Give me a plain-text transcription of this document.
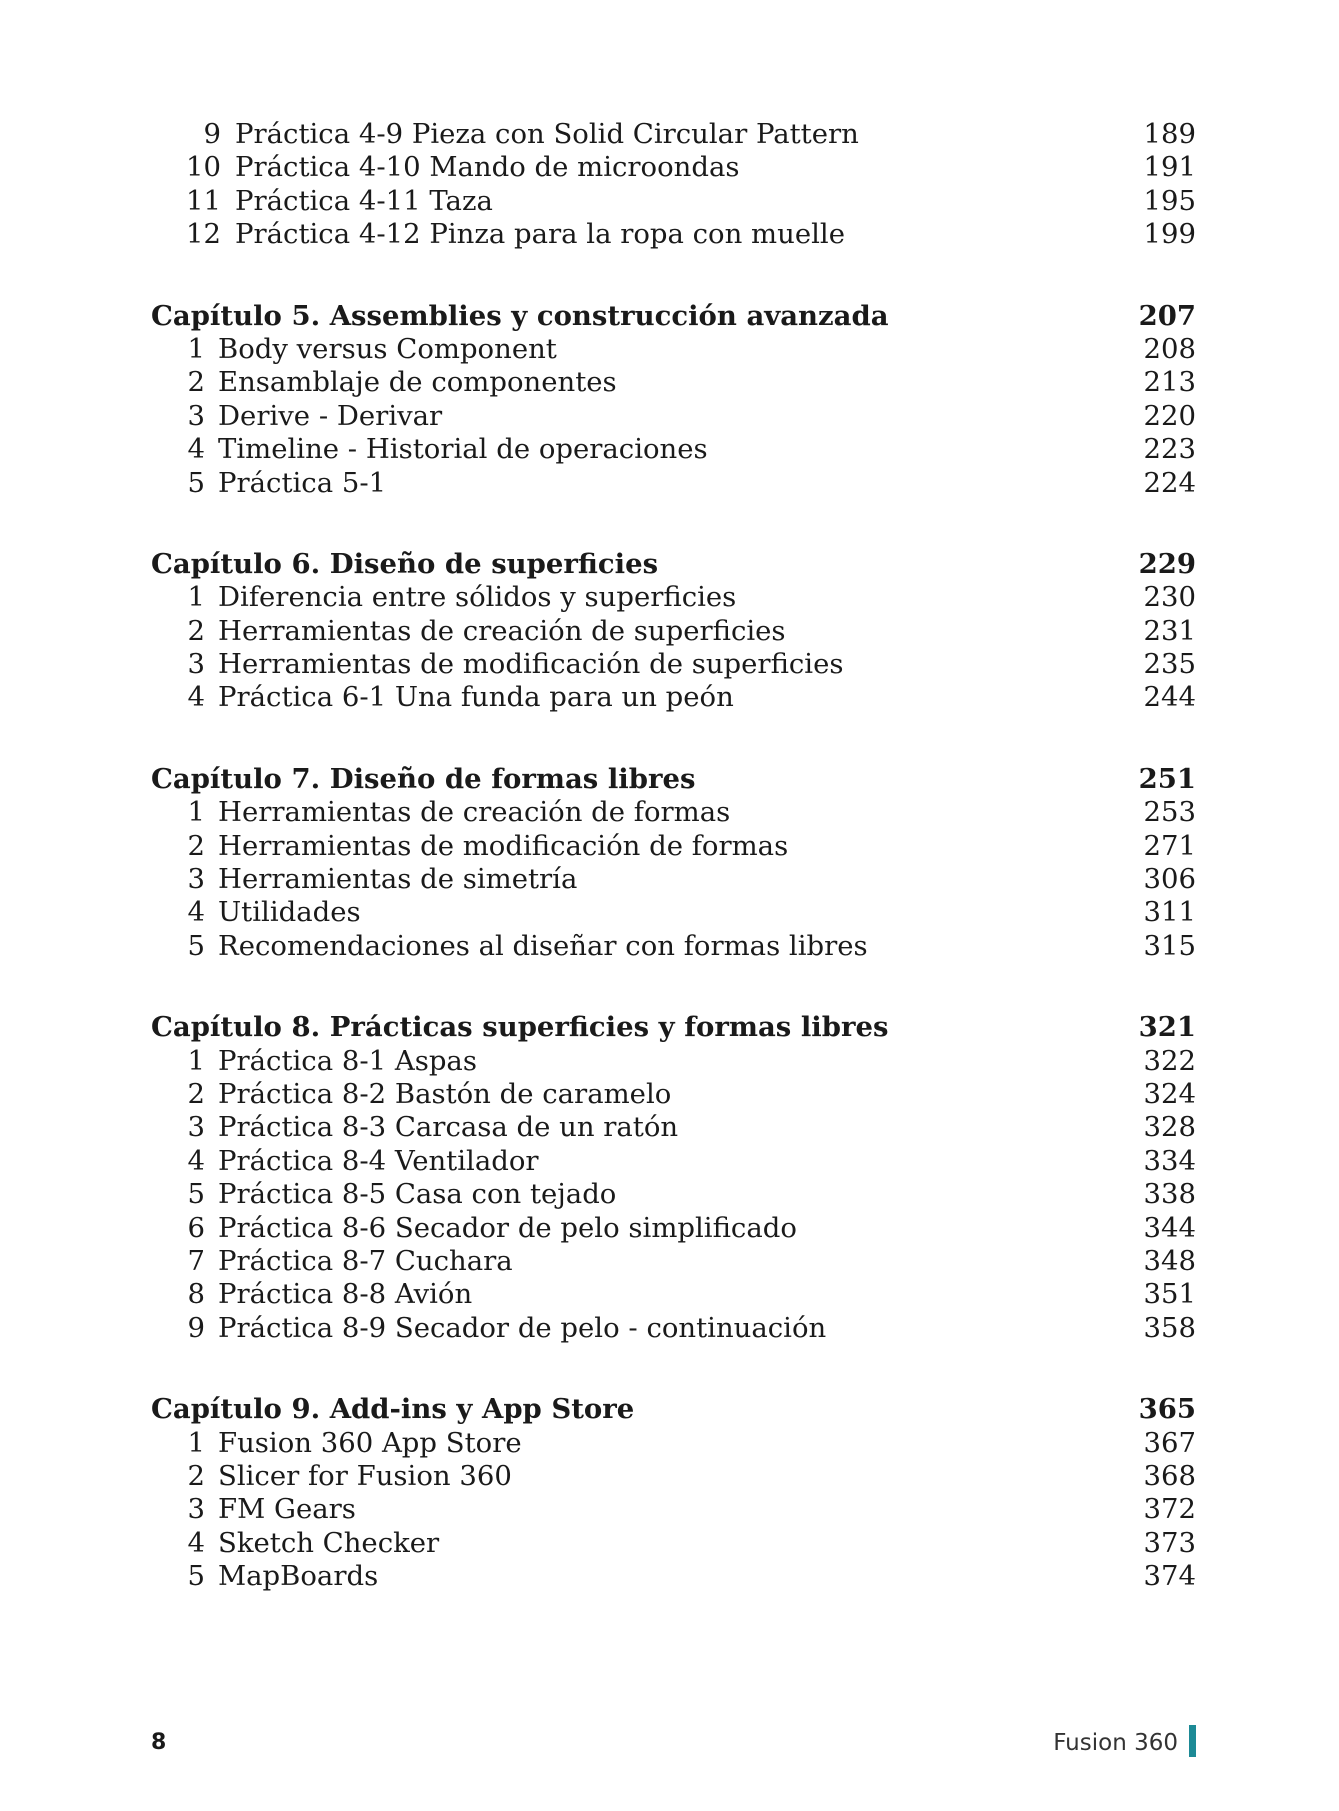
9 Práctica 4-9 Pieza con Solid Circular Pattern	189
10 Práctica 4-10 Mando de microondas	191
11 Práctica 4-11 Taza	195
12 Práctica 4-12 Pinza para la ropa con muelle	199
Capítulo 5. Assemblies y construcción avanzada	207
1 Body versus Component	208
2 Ensamblaje de componentes	213
3 Derive - Derivar	220
4 Timeline - Historial de operaciones	223
5 Práctica 5-1	224
Capítulo 6. Diseño de superficies	229
1 Diferencia entre sólidos y superficies	230
2 Herramientas de creación de superficies	231
3 Herramientas de modificación de superficies	235
4 Práctica 6-1 Una funda para un peón	244
Capítulo 7. Diseño de formas libres	251
1 Herramientas de creación de formas	253
2 Herramientas de modificación de formas	271
3 Herramientas de simetría	306
4 Utilidades	311
5 Recomendaciones al diseñar con formas libres	315
Capítulo 8. Prácticas superficies y formas libres	321
1 Práctica 8-1 Aspas	322
2 Práctica 8-2 Bastón de caramelo	324
3 Práctica 8-3 Carcasa de un ratón	328
4 Práctica 8-4 Ventilador	334
5 Práctica 8-5 Casa con tejado	338
6 Práctica 8-6 Secador de pelo simplificado	344
7 Práctica 8-7 Cuchara	348
8 Práctica 8-8 Avión	351
9 Práctica 8-9 Secador de pelo - continuación	358
Capítulo 9. Add-ins y App Store	365
1 Fusion 360 App Store	367
2 Slicer for Fusion 360	368
3 FM Gears	372
4 Sketch Checker	373
5 MapBoards	374
8	Fusion 360
